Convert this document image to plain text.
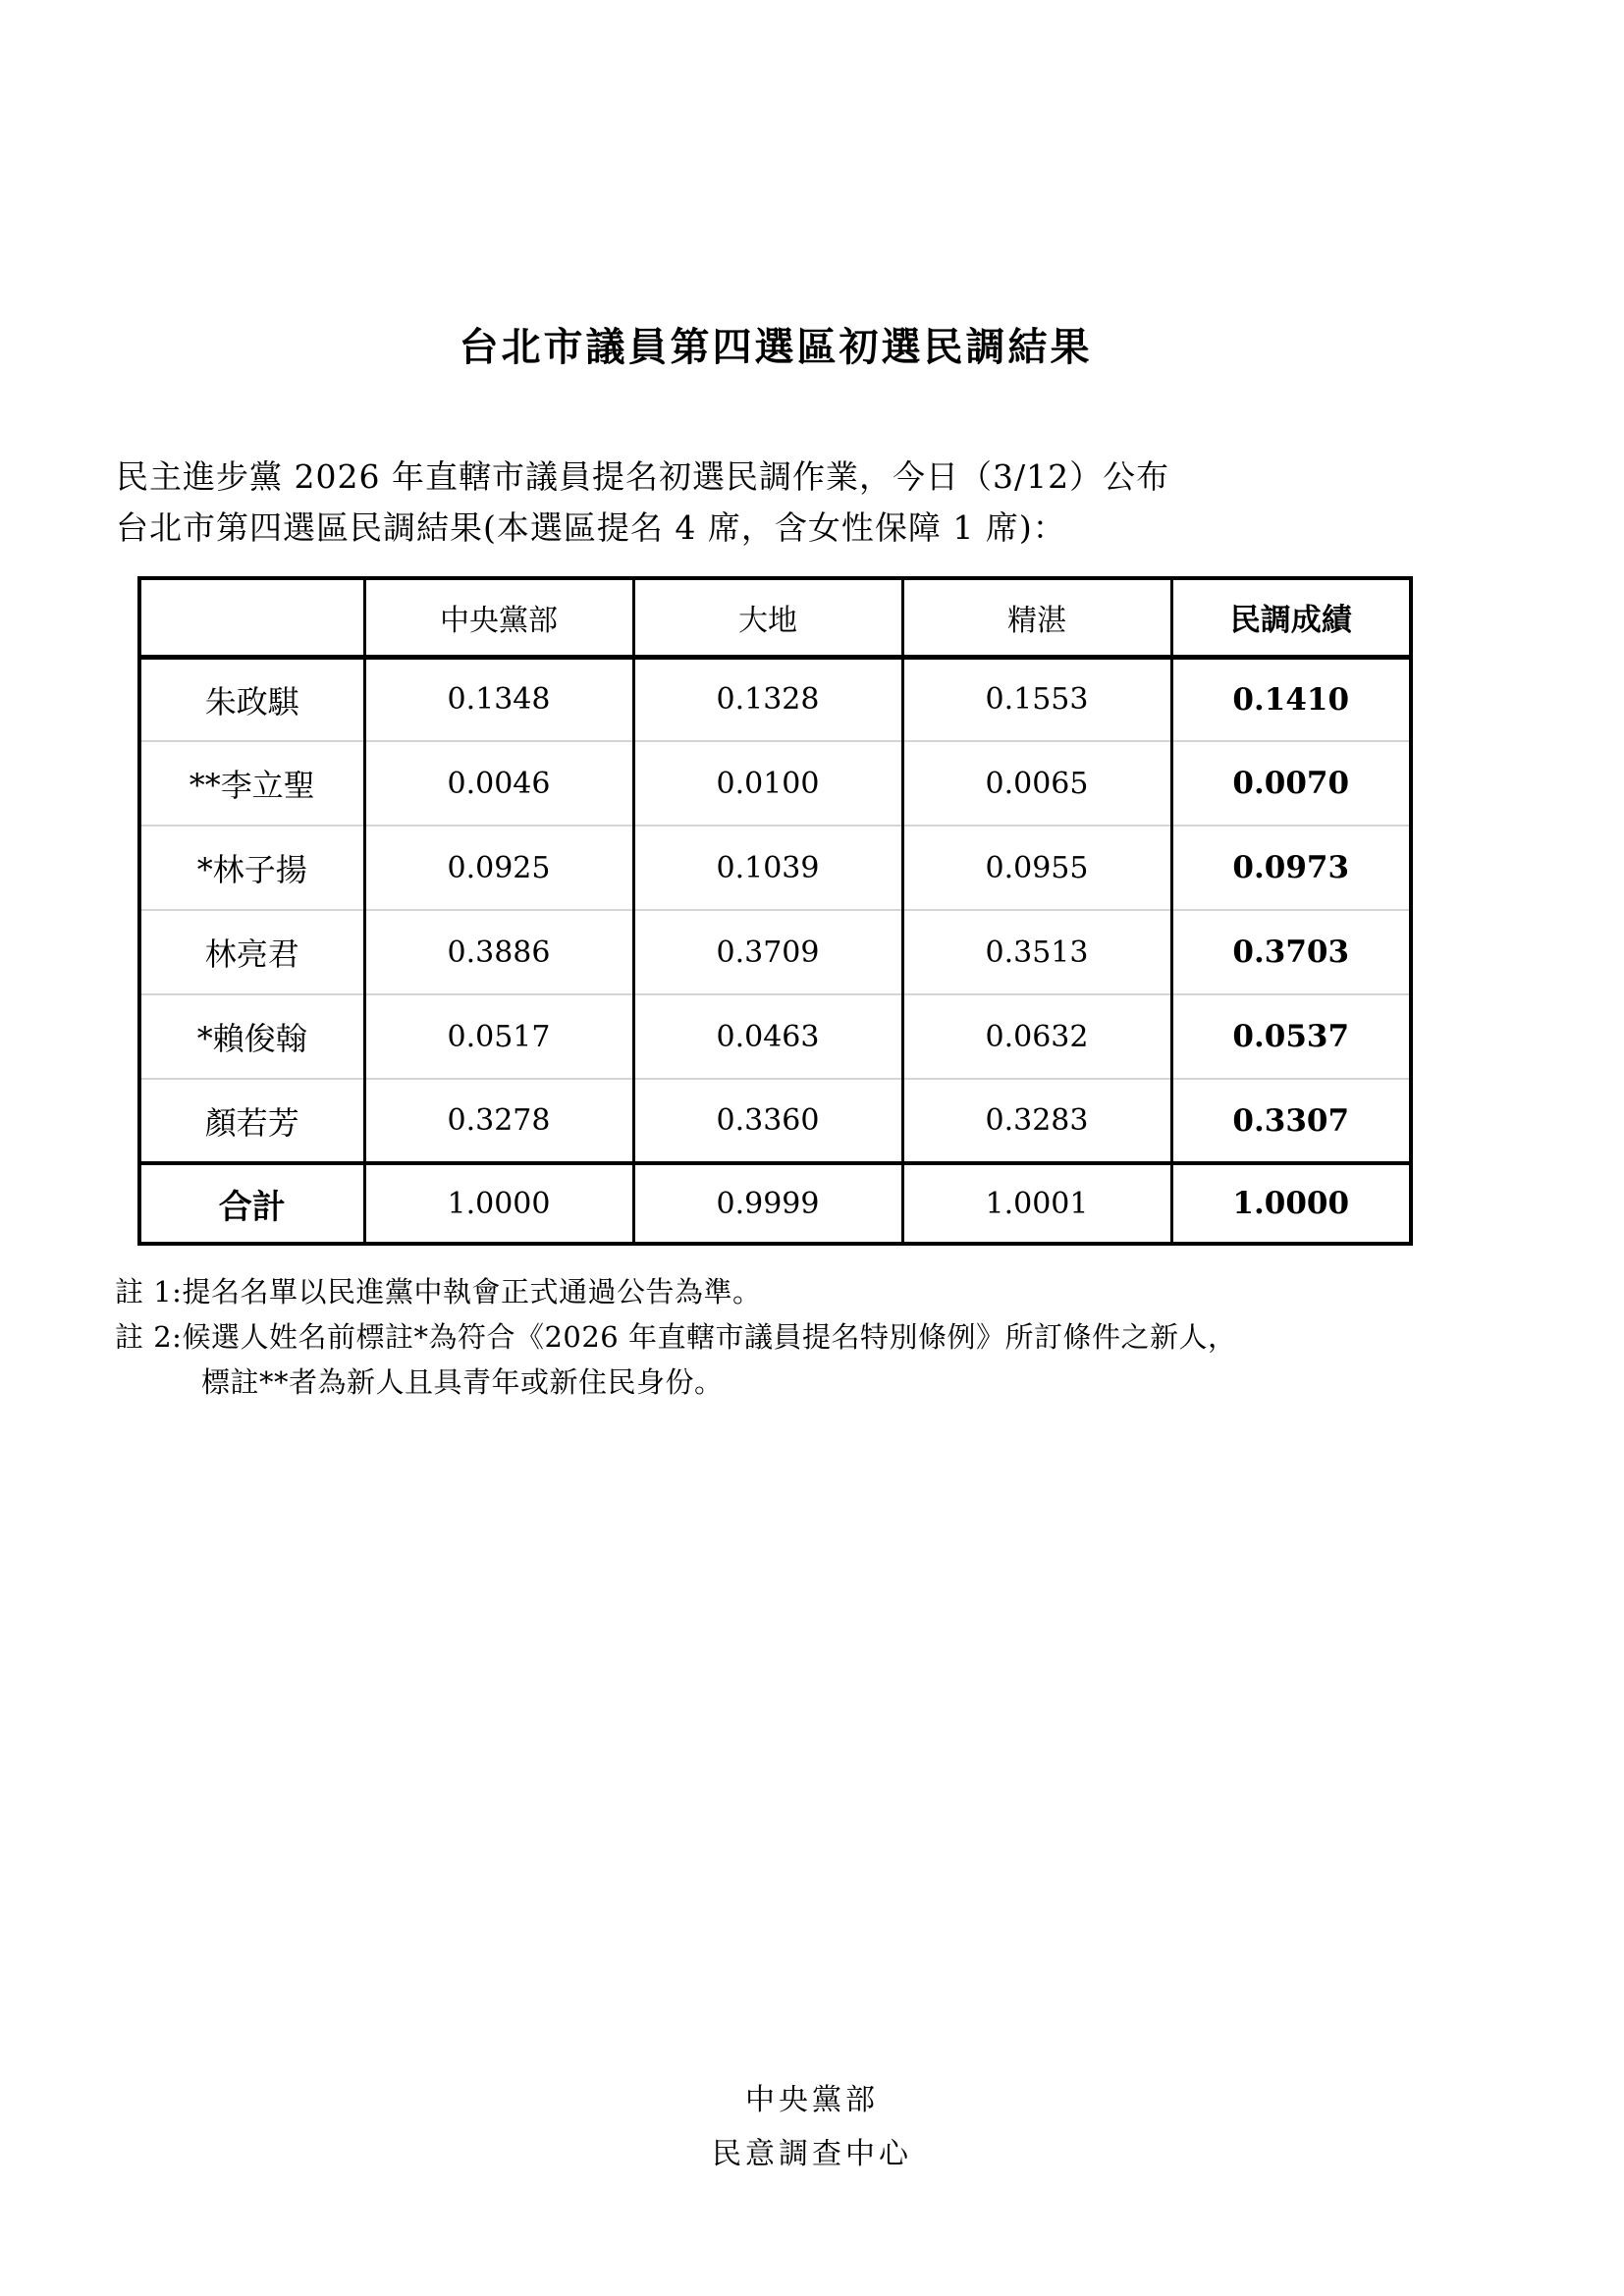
台北市議員第四選區初選民調結果
民主進步黨 2026 年直轄市議員提名初選民調作業，今日（3/12）公布
台北市第四選區民調結果(本選區提名 4 席，含女性保障 1 席)：
	中央黨部	大地	精湛	民調成績
朱政騏	0.1348	0.1328	0.1553	0.1410
**李立聖	0.0046	0.0100	0.0065	0.0070
*林子揚	0.0925	0.1039	0.0955	0.0973
林亮君	0.3886	0.3709	0.3513	0.3703
*賴俊翰	0.0517	0.0463	0.0632	0.0537
顏若芳	0.3278	0.3360	0.3283	0.3307
合計	1.0000	0.9999	1.0001	1.0000
註 1:提名名單以民進黨中執會正式通過公告為準。
註 2:候選人姓名前標註*為符合《2026 年直轄市議員提名特別條例》所訂條件之新人，
標註**者為新人且具青年或新住民身份。
中央黨部
民意調查中心
